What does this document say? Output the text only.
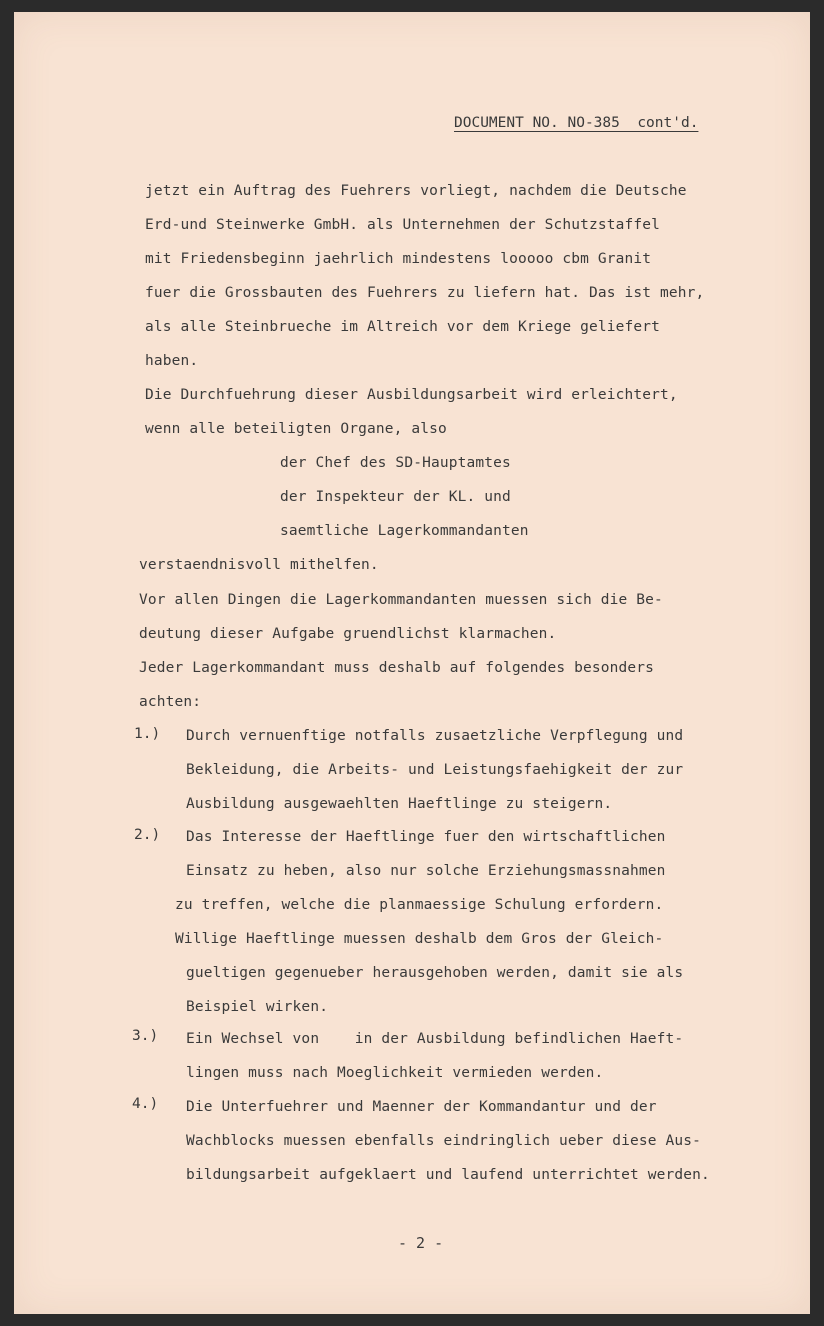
DOCUMENT NO. NO-385  cont'd.

jetzt ein Auftrag des Fuehrers vorliegt, nachdem die Deutsche

Erd-und Steinwerke GmbH. als Unternehmen der Schutzstaffel

mit Friedensbeginn jaehrlich mindestens looooo cbm Granit

fuer die Grossbauten des Fuehrers zu liefern hat. Das ist mehr,

als alle Steinbrueche im Altreich vor dem Kriege geliefert

haben.

Die Durchfuehrung dieser Ausbildungsarbeit wird erleichtert,

wenn alle beteiligten Organe, also

der Chef des SD-Hauptamtes

der Inspekteur der KL. und

saemtliche Lagerkommandanten

verstaendnisvoll mithelfen.

Vor allen Dingen die Lagerkommandanten muessen sich die Be-

deutung dieser Aufgabe gruendlichst klarmachen.

Jeder Lagerkommandant muss deshalb auf folgendes besonders

achten:

1.) Durch vernuenftige notfalls zusaetzliche Verpflegung und

Bekleidung, die Arbeits- und Leistungsfaehigkeit der zur

Ausbildung ausgewaehlten Haeftlinge zu steigern.

2.) Das Interesse der Haeftlinge fuer den wirtschaftlichen

Einsatz zu heben, also nur solche Erziehungsmassnahmen

zu treffen, welche die planmaessige Schulung erfordern.

Willige Haeftlinge muessen deshalb dem Gros der Gleich-

gueltigen gegenueber herausgehoben werden, damit sie als

Beispiel wirken.

3.) Ein Wechsel von    in der Ausbildung befindlichen Haeft-

lingen muss nach Moeglichkeit vermieden werden.

4.) Die Unterfuehrer und Maenner der Kommandantur und der

Wachblocks muessen ebenfalls eindringlich ueber diese Aus-

bildungsarbeit aufgeklaert und laufend unterrichtet werden.

- 2 -
